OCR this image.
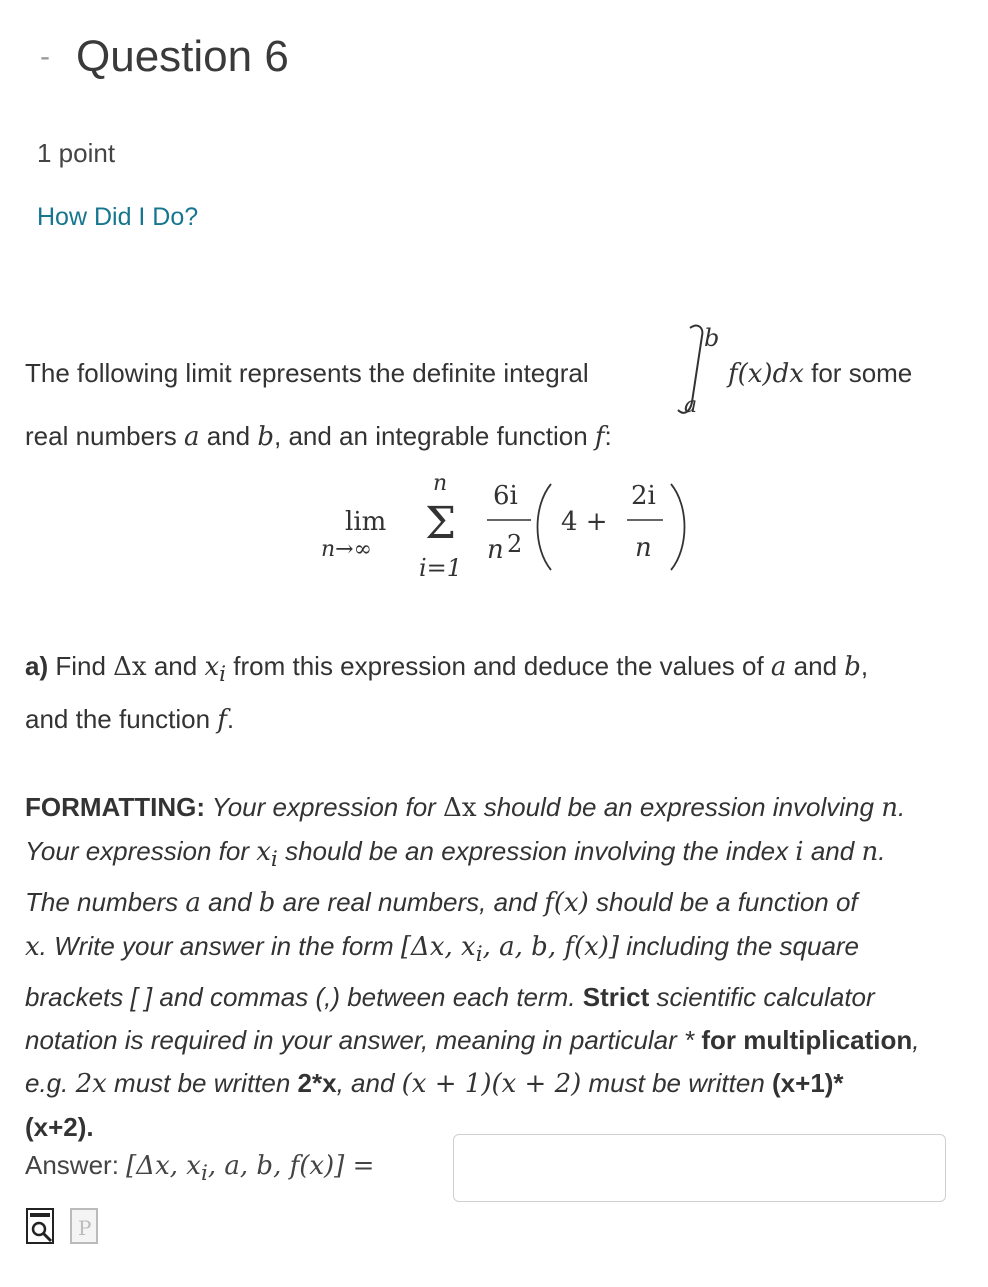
- Question 6
1 point
How Did I Do?
The following limit represents the definite integral
b
a
f(x)dx for some
real numbers a and b, and an integrable function f:
lim
n→∞
n
Σ
i=1
6i
n 2
4 +
2i
n
a) Find Δx and $x_i$ from this expression and deduce the values of a and b,
and the function f.
FORMATTING: Your expression for Δx should be an expression involving n.
Your expression for $x_i$ should be an expression involving the index i and n.
The numbers a and b are real numbers, and f(x) should be a function of
x. Write your answer in the form [Δx, $x_i$, a, b, f(x)] including the square
brackets [ ] and commas (,) between each term. Strict scientific calculator
notation is required in your answer, meaning in particular * for multiplication,
e.g. 2x must be written 2*x, and (x + 1)(x + 2) must be written (x+1)*
(x+2).
Answer: [Δx, $x_i$, a, b, f(x)] =
P
